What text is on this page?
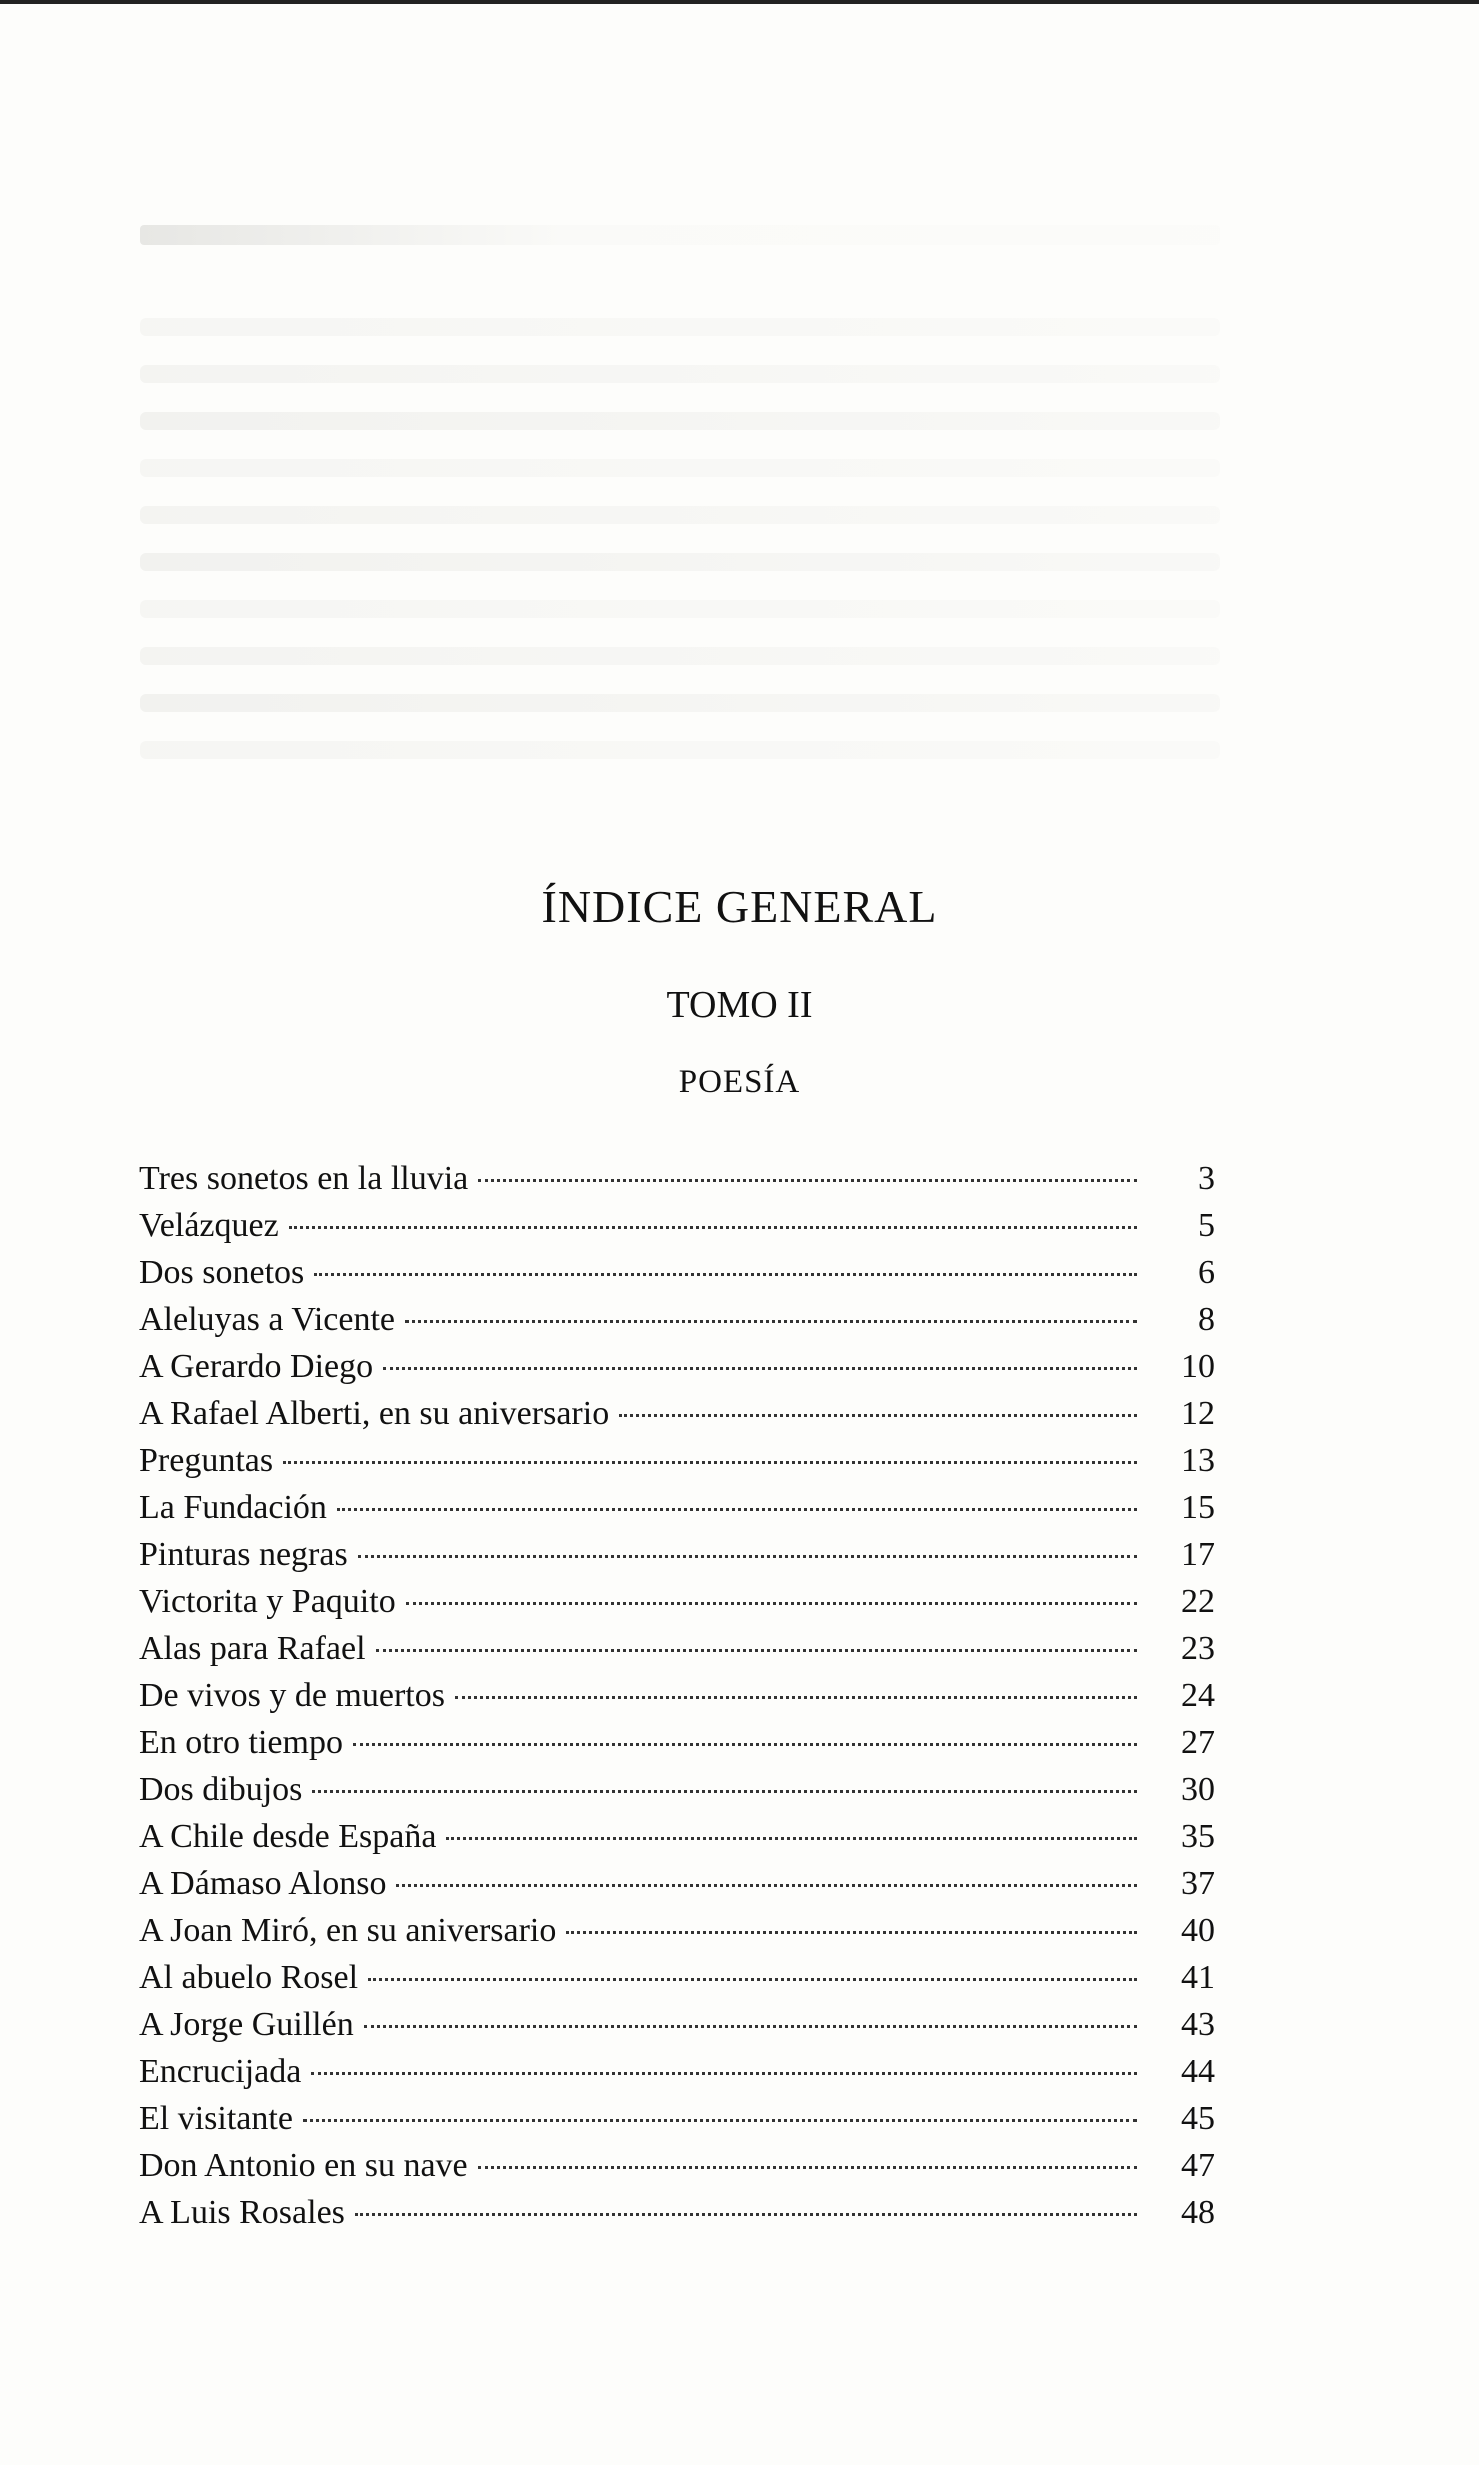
ÍNDICE GENERAL
TOMO II
POESÍA
Tres sonetos en la lluvia	3
Velázquez	5
Dos sonetos	6
Aleluyas a Vicente	8
A Gerardo Diego	10
A Rafael Alberti, en su aniversario	12
Preguntas	13
La Fundación	15
Pinturas negras	17
Victorita y Paquito	22
Alas para Rafael	23
De vivos y de muertos	24
En otro tiempo	27
Dos dibujos	30
A Chile desde España	35
A Dámaso Alonso	37
A Joan Miró, en su aniversario	40
Al abuelo Rosel	41
A Jorge Guillén	43
Encrucijada	44
El visitante	45
Don Antonio en su nave	47
A Luis Rosales	48
